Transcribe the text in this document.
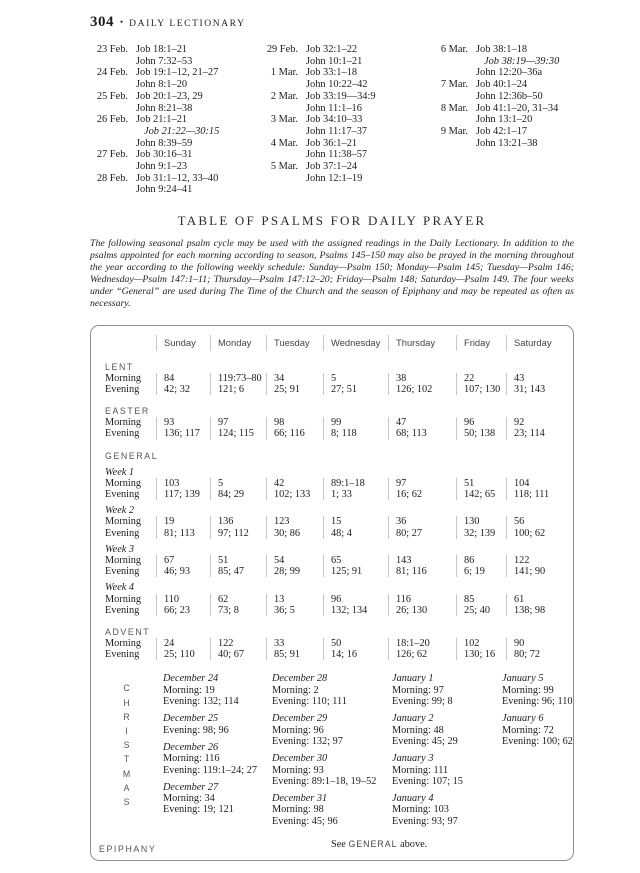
304 • DAILY LECTIONARY
23 Feb. Job 18:1–21
John 7:32–53
24 Feb. Job 19:1–12, 21–27
John 8:1–20
25 Feb. Job 20:1–23, 29
John 8:21–38
26 Feb. Job 21:1–21
Job 21:22—30:15
John 8:39–59
27 Feb. Job 30:16–31
John 9:1–23
28 Feb. Job 31:1–12, 33–40
John 9:24–41
29 Feb. Job 32:1–22
John 10:1–21
1 Mar. Job 33:1–18
John 10:22–42
2 Mar. Job 33:19—34:9
John 11:1–16
3 Mar. Job 34:10–33
John 11:17–37
4 Mar. Job 36:1–21
John 11:38–57
5 Mar. Job 37:1–24
John 12:1–19
6 Mar. Job 38:1–18
Job 38:19—39:30
John 12:20–36a
7 Mar. Job 40:1–24
John 12:36b–50
8 Mar. Job 41:1–20, 31–34
John 13:1–20
9 Mar. Job 42:1–17
John 13:21–38
TABLE OF PSALMS FOR DAILY PRAYER

The following seasonal psalm cycle may be used with the assigned readings in the Daily Lectionary. In addition to the psalms appointed for each morning according to season, Psalms 145–150 may also be prayed in the morning throughout the year according to the following weekly schedule: Sunday—Psalm 150; Monday—Psalm 145; Tuesday—Psalm 146; Wednesday—Psalm 147:1–11; Thursday—Psalm 147:12–20; Friday—Psalm 148; Saturday—Psalm 149. The four weeks under “General” are used during The Time of the Church and the season of Epiphany and may be repeated as often as necessary.

Sunday	Monday	Tuesday	Wednesday	Thursday	Friday	Saturday
LENT
Morning	84	119:73–80	34	5	38	22	43
Evening	42; 32	121; 6	25; 91	27; 51	126; 102	107; 130	31; 143
EASTER
Morning	93	97	98	99	47	96	92
Evening	136; 117	124; 115	66; 116	8; 118	68; 113	50; 138	23; 114
GENERAL
Week 1
Morning	103	5	42	89:1–18	97	51	104
Evening	117; 139	84; 29	102; 133	1; 33	16; 62	142; 65	118; 111
Week 2
Morning	19	136	123	15	36	130	56
Evening	81; 113	97; 112	30; 86	48; 4	80; 27	32; 139	100; 62
Week 3
Morning	67	51	54	65	143	86	122
Evening	46; 93	85; 47	28; 99	125; 91	81; 116	6; 19	141; 90
Week 4
Morning	110	62	13	96	116	85	61
Evening	66; 23	73; 8	36; 5	132; 134	26; 130	25; 40	138; 98
ADVENT
Morning	24	122	33	50	18:1–20	102	90
Evening	25; 110	40; 67	85; 91	14; 16	126; 62	130; 16	80; 72
C
H
R
I
S
T
M
A
S
December 24
Morning: 19
Evening: 132; 114
December 25
Evening: 98; 96
December 26
Morning: 116
Evening: 119:1–24; 27
December 27
Morning: 34
Evening: 19; 121
December 28
Morning: 2
Evening: 110; 111
December 29
Morning: 96
Evening: 132; 97
December 30
Morning: 93
Evening: 89:1–18, 19–52
December 31
Morning: 98
Evening: 45; 96
January 1
Morning: 97
Evening: 99; 8
January 2
Morning: 48
Evening: 45; 29
January 3
Morning: 111
Evening: 107; 15
January 4
Morning: 103
Evening: 93; 97
January 5
Morning: 99
Evening: 96; 110
January 6
Morning: 72
Evening: 100; 62
EPIPHANY	See GENERAL above.
